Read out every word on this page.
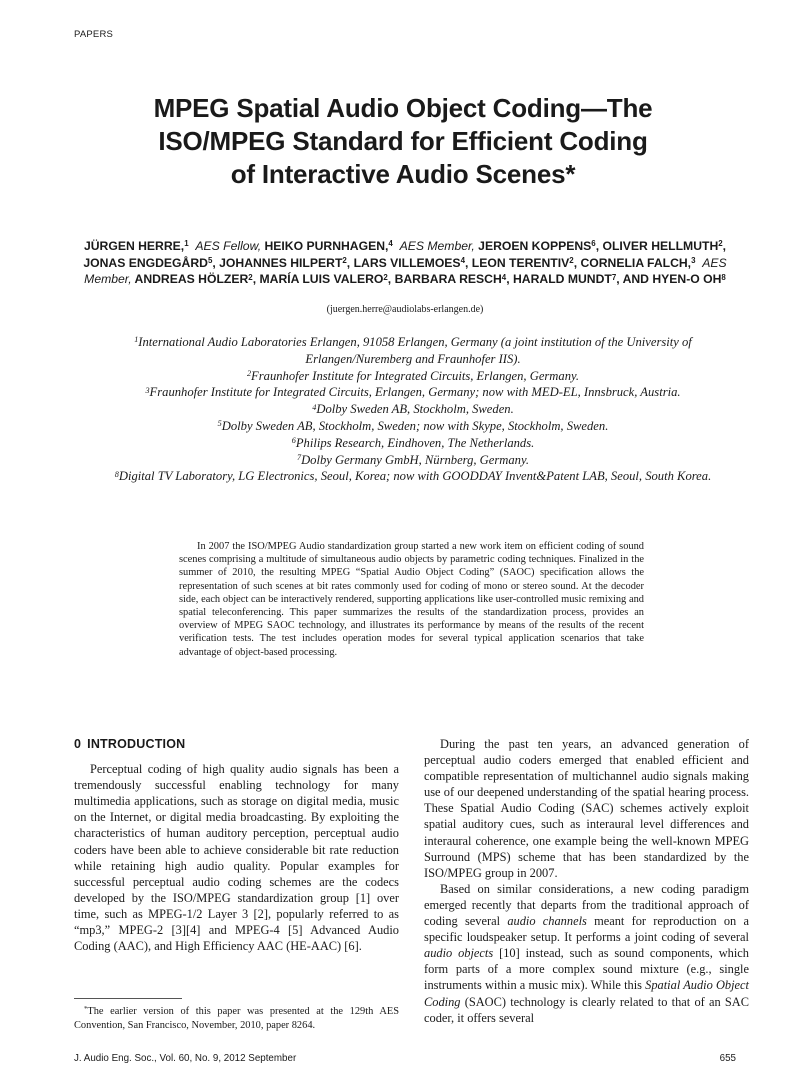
PAPERS
MPEG Spatial Audio Object Coding—The
ISO/MPEG Standard for Efficient Coding
of Interactive Audio Scenes*
JÜRGEN HERRE,$^1$ AES Fellow, HEIKO PURNHAGEN,$^4$ AES Member, JEROEN KOPPENS$^6$, OLIVER HELLMUTH$^2$, JONAS ENGDEGÅRD$^5$, JOHANNES HILPERT$^2$, LARS VILLEMOES$^4$, LEON TERENTIV$^2$, CORNELIA FALCH,$^3$ AES Member, ANDREAS HÖLZER$^2$, MARÍA LUIS VALERO$^2$, BARBARA RESCH$^4$, HARALD MUNDT$^7$, AND HYEN-O $OH^8$
(juergen.herre@audiolabs-erlangen.de)
$^1$International Audio Laboratories Erlangen, 91058 Erlangen, Germany (a joint institution of the University of Erlangen/Nuremberg and Fraunhofer IIS).
$^2$Fraunhofer Institute for Integrated Circuits, Erlangen, Germany.
$^3$Fraunhofer Institute for Integrated Circuits, Erlangen, Germany; now with MED-EL, Innsbruck, Austria.
$^4$Dolby Sweden AB, Stockholm, Sweden.
$^5$Dolby Sweden AB, Stockholm, Sweden; now with Skype, Stockholm, Sweden.
$^6$Philips Research, Eindhoven, The Netherlands.
$^7$Dolby Germany GmbH, Nürnberg, Germany.
$^8$Digital TV Laboratory, LG Electronics, Seoul, Korea; now with GOODDAY Invent&Patent LAB, Seoul, South Korea.
In 2007 the ISO/MPEG Audio standardization group started a new work item on efficient coding of sound scenes comprising a multitude of simultaneous audio objects by parametric coding techniques. Finalized in the summer of 2010, the resulting MPEG “Spatial Audio Object Coding” (SAOC) specification allows the representation of such scenes at bit rates commonly used for coding of mono or stereo sound. At the decoder side, each object can be interactively rendered, supporting applications like user-controlled music remixing and spatial teleconferencing. This paper summarizes the results of the standardization process, provides an overview of MPEG SAOC technology, and illustrates its performance by means of the results of the recent verification tests. The test includes operation modes for several typical application scenarios that take advantage of object-based processing.
0 INTRODUCTION

Perceptual coding of high quality audio signals has been a tremendously successful enabling technology for many multimedia applications, such as storage on digital media, music on the Internet, or digital media broadcasting. By exploiting the characteristics of human auditory perception, perceptual audio coders have been able to achieve considerable bit rate reduction while retaining high audio quality. Popular examples for successful perceptual audio coding schemes are the codecs developed by the ISO/MPEG standardization group [1] over time, such as MPEG-1/2 Layer 3 [2], popularly referred to as “mp3,” MPEG-2 [3][4] and MPEG-4 [5] Advanced Audio Coding (AAC), and High Efficiency AAC (HE-AAC) [6].

During the past ten years, an advanced generation of perceptual audio coders emerged that enabled efficient and compatible representation of multichannel audio signals making use of our deepened understanding of the spatial hearing process. These Spatial Audio Coding (SAC) schemes actively exploit spatial auditory cues, such as interaural level differences and interaural coherence, one example being the well-known MPEG Surround (MPS) scheme that has been standardized by the ISO/MPEG group in 2007.

Based on similar considerations, a new coding paradigm emerged recently that departs from the traditional approach of coding several audio channels meant for reproduction on a specific loudspeaker setup. It performs a joint coding of several audio objects [10] instead, such as sound components, which form parts of a more complex sound mixture (e.g., single instruments within a music mix). While this Spatial Audio Object Coding (SAOC) technology is clearly related to that of an SAC coder, it offers several

*The earlier version of this paper was presented at the 129th AES Convention, San Francisco, November, 2010, paper 8264.
J. Audio Eng. Soc., Vol. 60, No. 9, 2012 September	655
